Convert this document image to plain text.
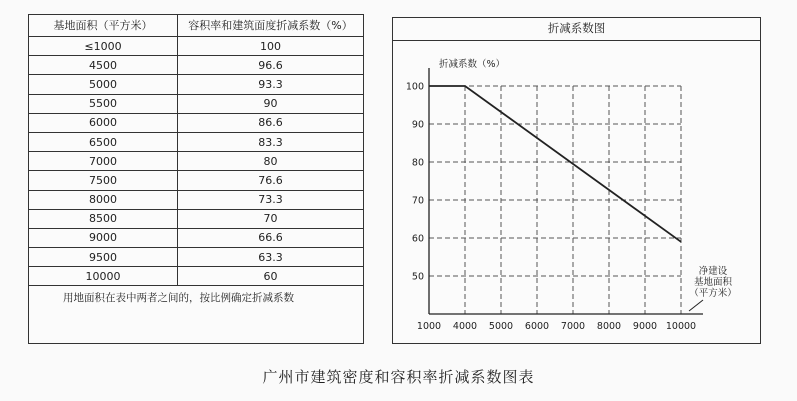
基地面积（平方米）	容积率和建筑面度折减系数（%）
≤1000	100
4500	96.6
5000	93.3
5500	90
6000	86.6
6500	83.3
7000	80
7500	76.6
8000	73.3
8500	70
9000	66.6
9500	63.3
10000	60
用地面积在表中两者之间的，按比例确定折减系数
折减系数图
折减系数（%）
净建设
基地面积
（平方米）
50
60
70
80
90
100
1000 4000 5000 6000 7000 8000 9000 10000
广州市建筑密度和容积率折减系数图表
